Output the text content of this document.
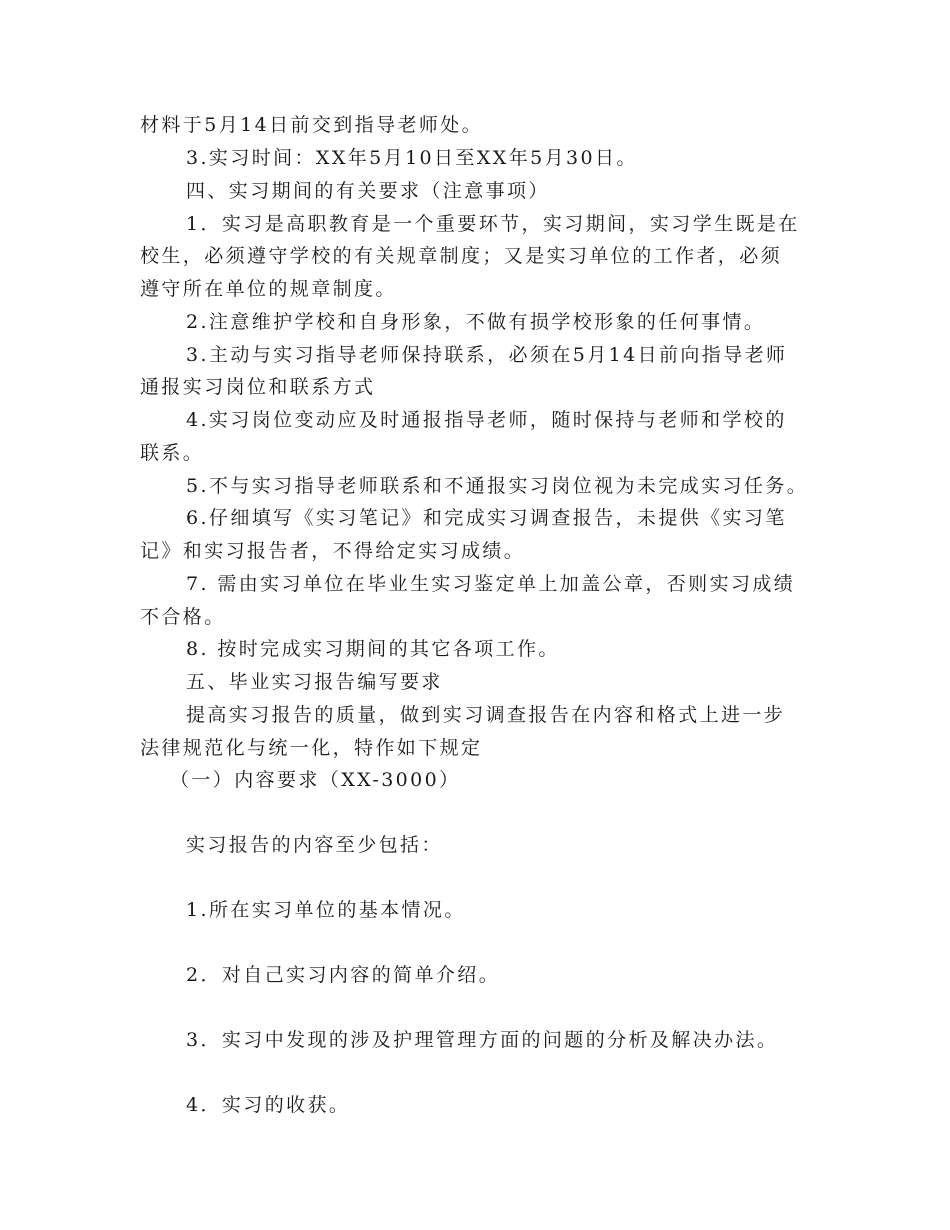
材料于5月14日前交到指导老师处。
3.实习时间：XX年5月10日至XX年5月30日。
四、实习期间的有关要求（注意事项）
1．实习是高职教育是一个重要环节，实习期间，实习学生既是在
校生，必须遵守学校的有关规章制度；又是实习单位的工作者，必须
遵守所在单位的规章制度。
2.注意维护学校和自身形象，不做有损学校形象的任何事情。
3.主动与实习指导老师保持联系，必须在5月14日前向指导老师
通报实习岗位和联系方式
4.实习岗位变动应及时通报指导老师，随时保持与老师和学校的
联系。
5.不与实习指导老师联系和不通报实习岗位视为未完成实习任务。
6.仔细填写《实习笔记》和完成实习调查报告，未提供《实习笔
记》和实习报告者，不得给定实习成绩。
7. 需由实习单位在毕业生实习鉴定单上加盖公章，否则实习成绩
不合格。
8. 按时完成实习期间的其它各项工作。
五、毕业实习报告编写要求
提高实习报告的质量，做到实习调查报告在内容和格式上进一步
法律规范化与统一化，特作如下规定
（一）内容要求（XX-3000）
实习报告的内容至少包括：
1.所在实习单位的基本情况。
2．对自己实习内容的简单介绍。
3．实习中发现的涉及护理管理方面的问题的分析及解决办法。
4．实习的收获。
